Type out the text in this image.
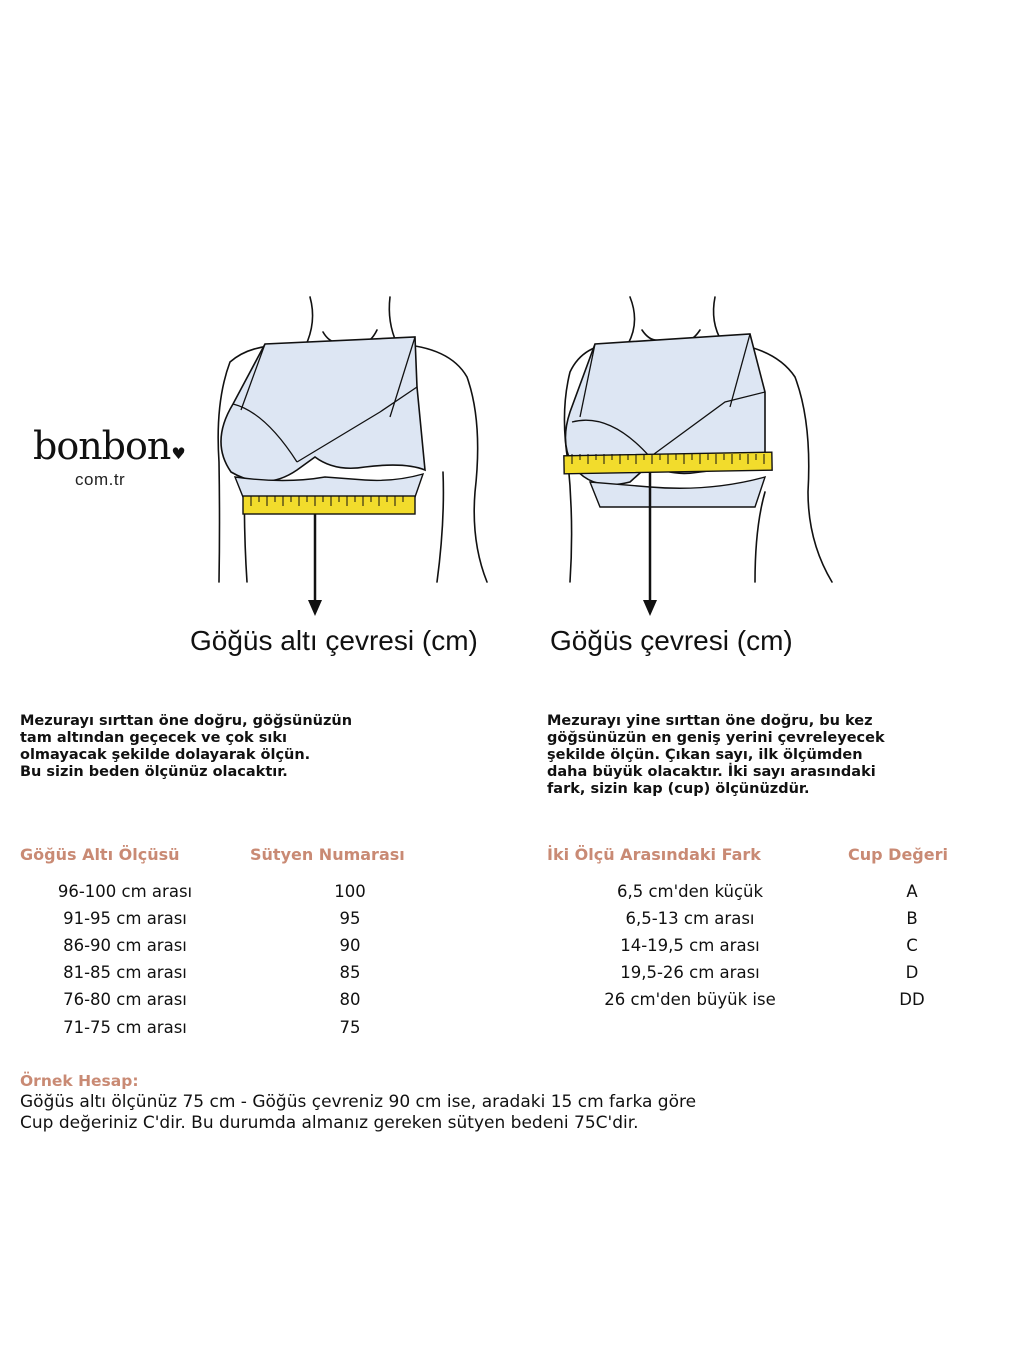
bonbon♥
com.tr
Göğüs altı çevresi (cm)	Göğüs çevresi (cm)
Mezurayı sırttan öne doğru, göğsünüzün
tam altından geçecek ve çok sıkı
olmayacak şekilde dolayarak ölçün.
Bu sizin beden ölçünüz olacaktır.
Mezurayı yine sırttan öne doğru, bu kez
göğsünüzün en geniş yerini çevreleyecek
şekilde ölçün. Çıkan sayı, ilk ölçümden
daha büyük olacaktır. İki sayı arasındaki
fark, sizin kap (cup) ölçünüzdür.
Göğüs Altı Ölçüsü	Sütyen Numarası	İki Ölçü Arasındaki Fark	Cup Değeri
96-100 cm arası	100
91-95 cm arası	95
86-90 cm arası	90
81-85 cm arası	85
76-80 cm arası	80
71-75 cm arası	75
6,5 cm'den küçük	A
6,5-13 cm arası	B
14-19,5 cm arası	C
19,5-26 cm arası	D
26 cm'den büyük ise	DD
Örnek Hesap:
Göğüs altı ölçünüz 75 cm - Göğüs çevreniz 90 cm ise, aradaki 15 cm farka göre
Cup değeriniz C'dir. Bu durumda almanız gereken sütyen bedeni 75C'dir.
